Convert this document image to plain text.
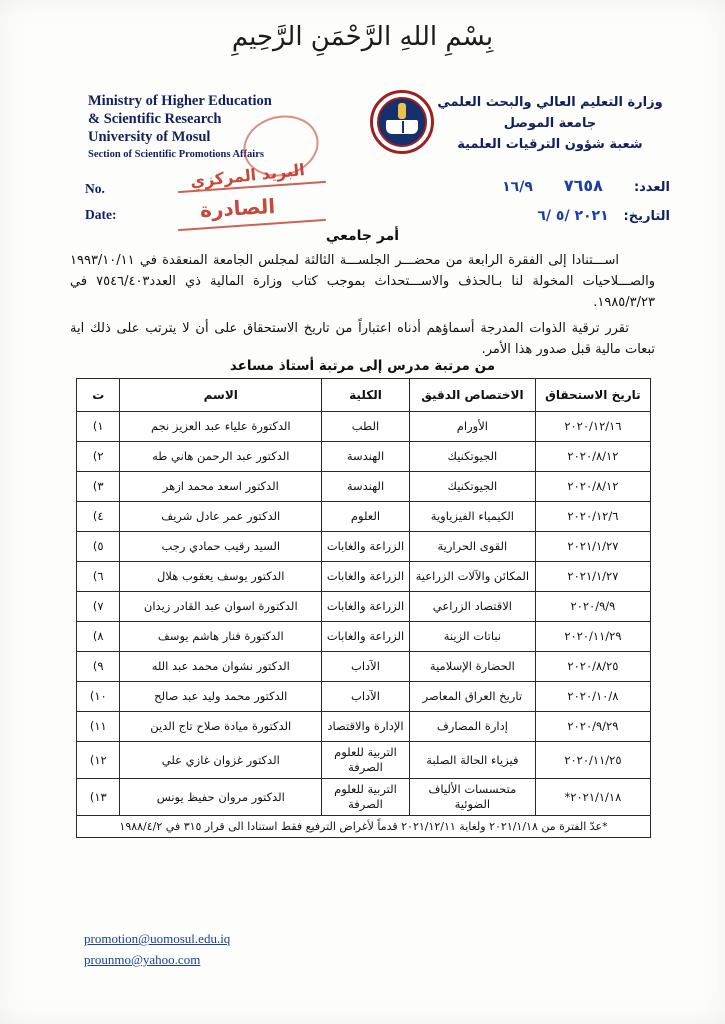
بِسْمِ اللهِ الرَّحْمَنِ الرَّحِيمِ
Ministry of Higher Education
& Scientific Research
University of Mosul
Section of Scientific Promotions Affairs
وزارة التعليم العالي والبحث العلمي
جامعة الموصل
شعبة شؤون الترقيات العلمية
No.
Date:
البريد المركزي
الصادرة
العدد: ٧٦٥٨ ١٦/٩
التاريخ: ٢٠٢١ /٥ /٦
أمر جامعي
اســـتنادا إلى الفقرة الرابعة من محضـــر الجلســـة الثالثة لمجلس الجامعة المنعقدة في ١٩٩٣/١٠/١١ والصـــلاحيات المخولة لنا بـالحذف والاســـتحداث بموجب كتاب وزارة المالية ذي العدد٧٥٤٦/٤٠٣ في ١٩٨٥/٣/٢٣.
تقرر ترقية الذوات المدرجة أسماؤهم أدناه اعتباراً من تاريخ الاستحقاق على أن لا يترتب على ذلك اية تبعات مالية قبل صدور هذا الأمر.
من مرتبة مدرس إلى مرتبة أستاذ مساعد
تاريخ الاستحقاق	الاختصاص الدقيق	الكلية	الاسم	ت
٢٠٢٠/١٢/١٦	الأورام	الطب	الدكتورة علياء عبد العزيز نجم	١)
٢٠٢٠/٨/١٢	الجيوتكنيك	الهندسة	الدكتور عبد الرحمن هاني طه	٢)
٢٠٢٠/٨/١٢	الجيوتكنيك	الهندسة	الدكتور اسعد محمد ازهر	٣)
٢٠٢٠/١٢/٦	الكيمياء الفيزياوية	العلوم	الدكتور عمر عادل شريف	٤)
٢٠٢١/١/٢٧	القوى الحرارية	الزراعة والغابات	السيد رقيب حمادي رجب	٥)
٢٠٢١/١/٢٧	المكائن والآلات الزراعية	الزراعة والغابات	الدكتور يوسف يعقوب هلال	٦)
٢٠٢٠/٩/٩	الاقتصاد الزراعي	الزراعة والغابات	الدكتورة اسوان عبد القادر زيدان	٧)
٢٠٢٠/١١/٢٩	نباتات الزينة	الزراعة والغابات	الدكتورة فنار هاشم يوسف	٨)
٢٠٢٠/٨/٢٥	الحضارة الإسلامية	الآداب	الدكتور نشوان محمد عبد الله	٩)
٢٠٢٠/١٠/٨	تاريخ العراق المعاصر	الآداب	الدكتور محمد وليد عبد صالح	١٠)
٢٠٢٠/٩/٢٩	إدارة المصارف	الإدارة والاقتصاد	الدكتورة ميادة صلاح تاج الدين	١١)
٢٠٢٠/١١/٢٥	فيزياء الحالة الصلبة	التربية للعلوم الصرفة	الدكتور غزوان غازي علي	١٢)
٢٠٢١/١/١٨*	متحسسات الألياف الضوئية	التربية للعلوم الصرفة	الدكتور مروان حفيظ يونس	١٣)
*عدّ الفترة من ٢٠٢١/١/١٨ ولغاية ٢٠٢١/١٢/١١ قدماً لأغراض الترفيع فقط استنادا الى قرار ٣١٥ في ١٩٨٨/٤/٢				
promotion@uomosul.edu.iq
prounmo@yahoo.com
